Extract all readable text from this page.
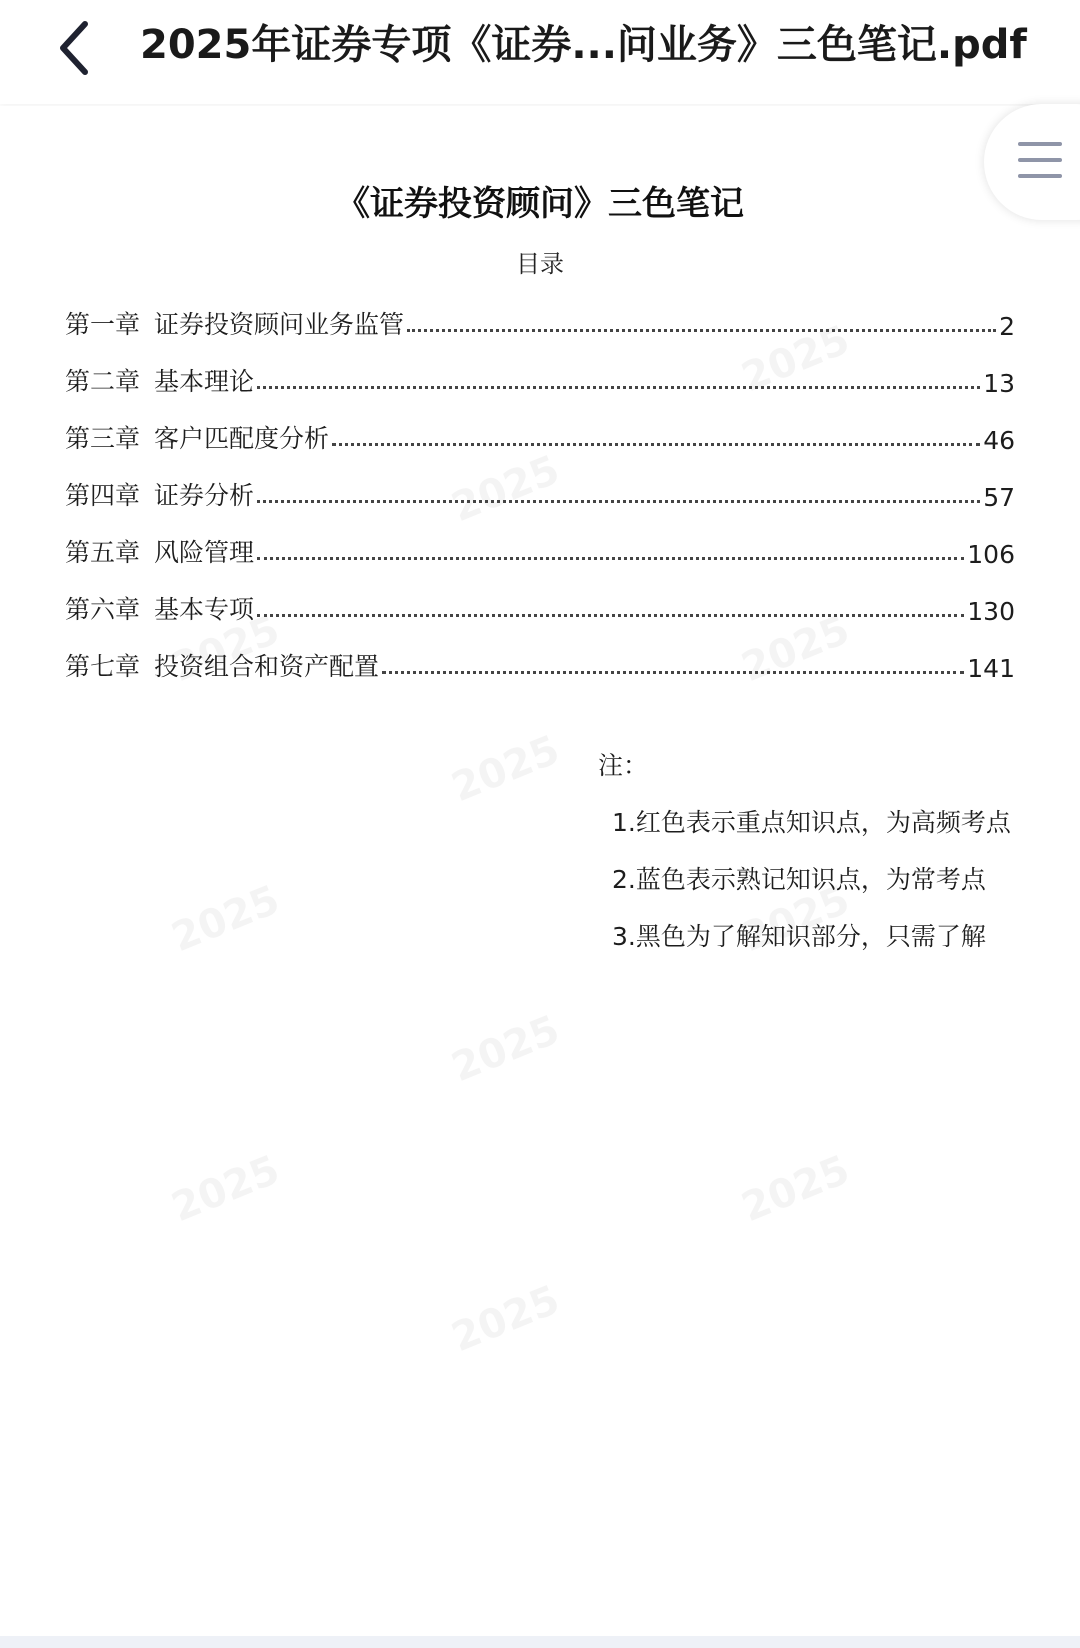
2025年证券专项《证券...问业务》三色笔记.pdf
《证券投资顾问》三色笔记
目录
第一章 证券投资顾问业务监管	2
第二章 基本理论	13
第三章 客户匹配度分析	46
第四章 证券分析	57
第五章 风险管理	106
第六章 基本专项	130
第七章 投资组合和资产配置	141
注：
1.红色表示重点知识点，为高频考点
2.蓝色表示熟记知识点，为常考点
3.黑色为了解知识部分，只需了解
